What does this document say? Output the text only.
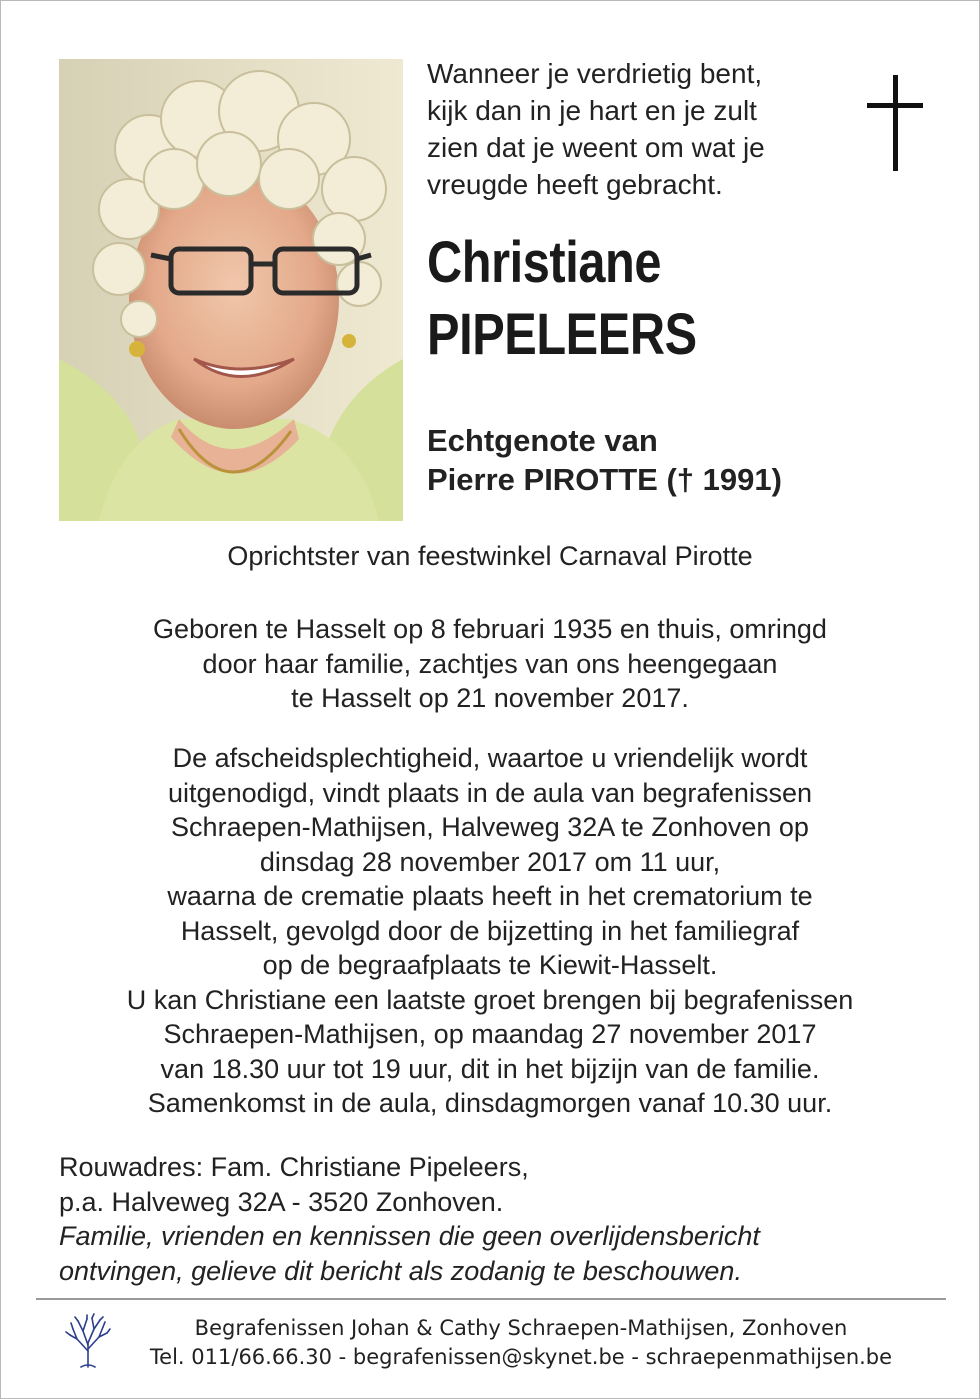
Wanneer je verdrietig bent,
kijk dan in je hart en je zult
zien dat je weent om wat je
vreugde heeft gebracht.
Christiane
PIPELEERS
Echtgenote van
Pierre PIROTTE († 1991)
Oprichtster van feestwinkel Carnaval Pirotte
Geboren te Hasselt op 8 februari 1935 en thuis, omringd
door haar familie, zachtjes van ons heengegaan
te Hasselt op 21 november 2017.
De afscheidsplechtigheid, waartoe u vriendelijk wordt
uitgenodigd, vindt plaats in de aula van begrafenissen
Schraepen-Mathijsen, Halveweg 32A te Zonhoven op
dinsdag 28 november 2017 om 11 uur,
waarna de crematie plaats heeft in het crematorium te
Hasselt, gevolgd door de bijzetting in het familiegraf
op de begraafplaats te Kiewit-Hasselt.
U kan Christiane een laatste groet brengen bij begrafenissen
Schraepen-Mathijsen, op maandag 27 november 2017
van 18.30 uur tot 19 uur, dit in het bijzijn van de familie.
Samenkomst in de aula, dinsdagmorgen vanaf 10.30 uur.
Rouwadres: Fam. Christiane Pipeleers,
p.a. Halveweg 32A - 3520 Zonhoven.
Familie, vrienden en kennissen die geen overlijdensbericht
ontvingen, gelieve dit bericht als zodanig te beschouwen.
Begrafenissen Johan & Cathy Schraepen-Mathijsen, Zonhoven
Tel. 011/66.66.30 - begrafenissen@skynet.be - schraepenmathijsen.be
